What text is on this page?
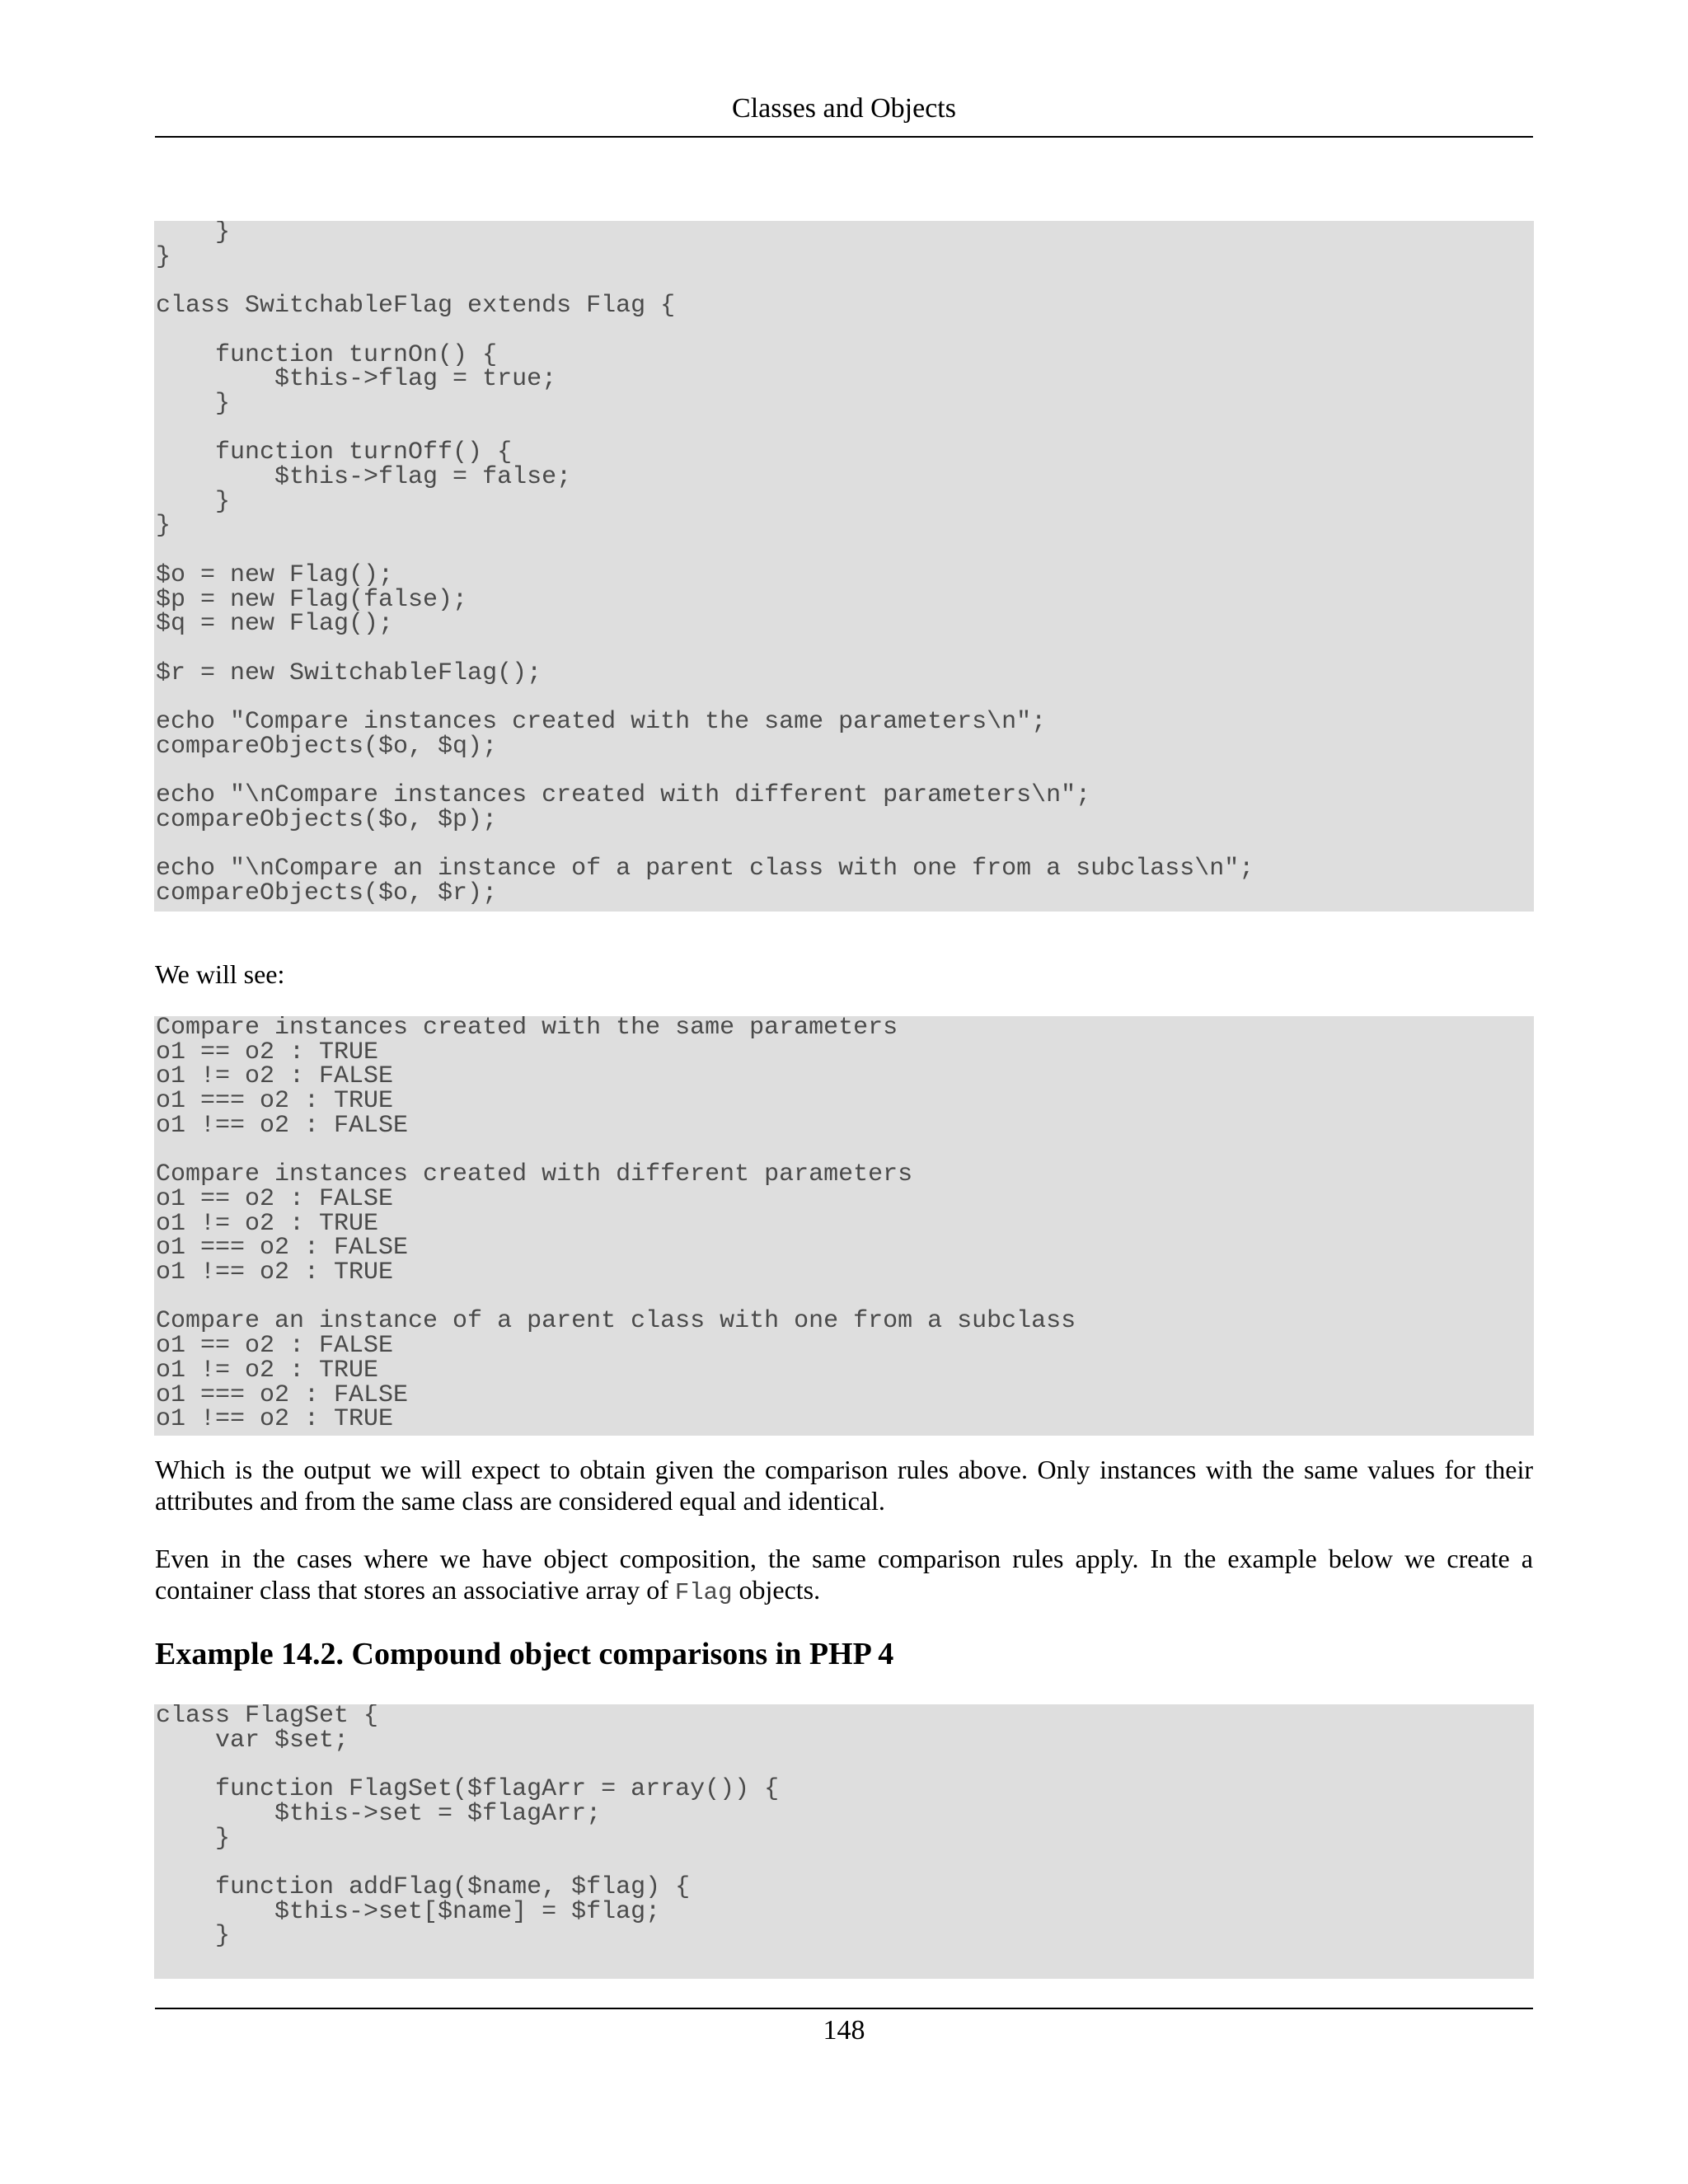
Classes and Objects
}
}

class SwitchableFlag extends Flag {

function turnOn() {
$this->flag = true;
}

function turnOff() {
$this->flag = false;
}
}

$o = new Flag();
$p = new Flag(false);
$q = new Flag();

$r = new SwitchableFlag();

echo "Compare instances created with the same parameters\n";
compareObjects($o, $q);

echo "\nCompare instances created with different parameters\n";
compareObjects($o, $p);

echo "\nCompare an instance of a parent class with one from a subclass\n";
compareObjects($o, $r);

We will see:

Compare instances created with the same parameters
o1 == o2 : TRUE
o1 != o2 : FALSE
o1 === o2 : TRUE
o1 !== o2 : FALSE

Compare instances created with different parameters
o1 == o2 : FALSE
o1 != o2 : TRUE
o1 === o2 : FALSE
o1 !== o2 : TRUE

Compare an instance of a parent class with one from a subclass
o1 == o2 : FALSE
o1 != o2 : TRUE
o1 === o2 : FALSE
o1 !== o2 : TRUE

Which is the output we will expect to obtain given the comparison rules above. Only instances with the same values for their attributes and from the same class are considered equal and identical.

Even in the cases where we have object composition, the same comparison rules apply. In the example below we create a container class that stores an associative array of Flag objects.

Example 14.2. Compound object comparisons in PHP 4
class FlagSet {
var $set;

function FlagSet($flagArr = array()) {
$this->set = $flagArr;
}

function addFlag($name, $flag) {
$this->set[$name] = $flag;
}
148
